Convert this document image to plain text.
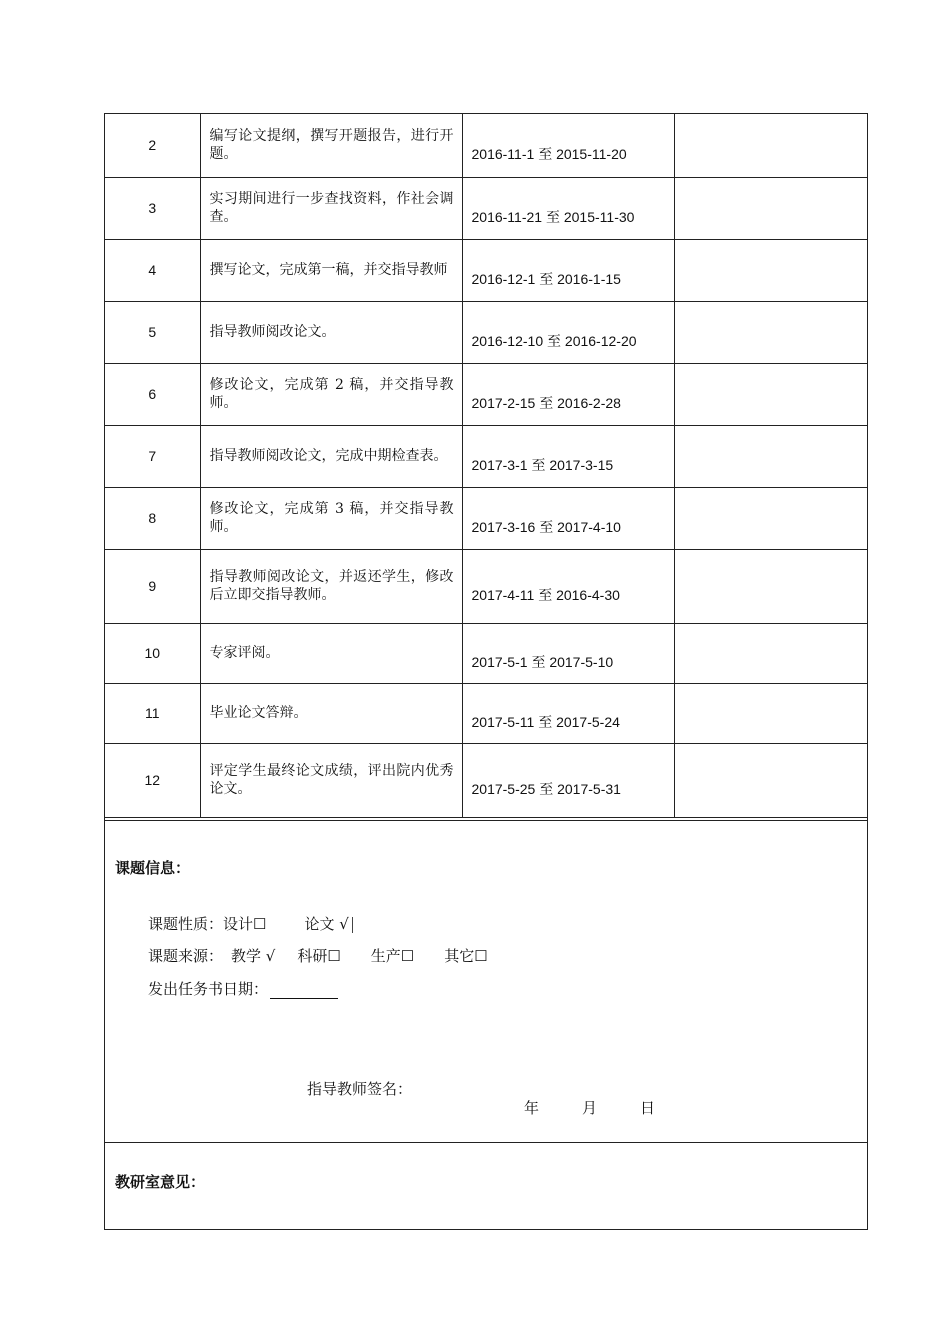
2	编写论文提纲，撰写开题报告，进行开题。	2016-11-1 至 2015-11-20	
3	实习期间进行一步查找资料，作社会调查。	2016-11-21 至 2015-11-30	
4	撰写论文，完成第一稿，并交指导教师	2016-12-1 至 2016-1-15	
5	指导教师阅改论文。	2016-12-10 至 2016-12-20	
6	修改论文，完成第 2 稿，并交指导教师。	2017-2-15 至 2016-2-28	
7	指导教师阅改论文，完成中期检查表。	2017-3-1 至 2017-3-15	
8	修改论文，完成第 3 稿，并交指导教师。	2017-3-16 至 2017-4-10	
9	指导教师阅改论文，并返还学生，修改后立即交指导教师。	2017-4-11 至 2016-4-30	
10	专家评阅。	2017-5-1 至 2017-5-10	
11	毕业论文答辩。	2017-5-11 至 2017-5-24	
12	评定学生最终论文成绩，评出院内优秀论文。	2017-5-25 至 2017-5-31	
课题信息：
课题性质：设计☐	论文 √
课题来源： 教学 √ 科研☐ 生产☐ 其它☐
发出任务书日期：
指导教师签名：
年	月	日
教研室意见：
